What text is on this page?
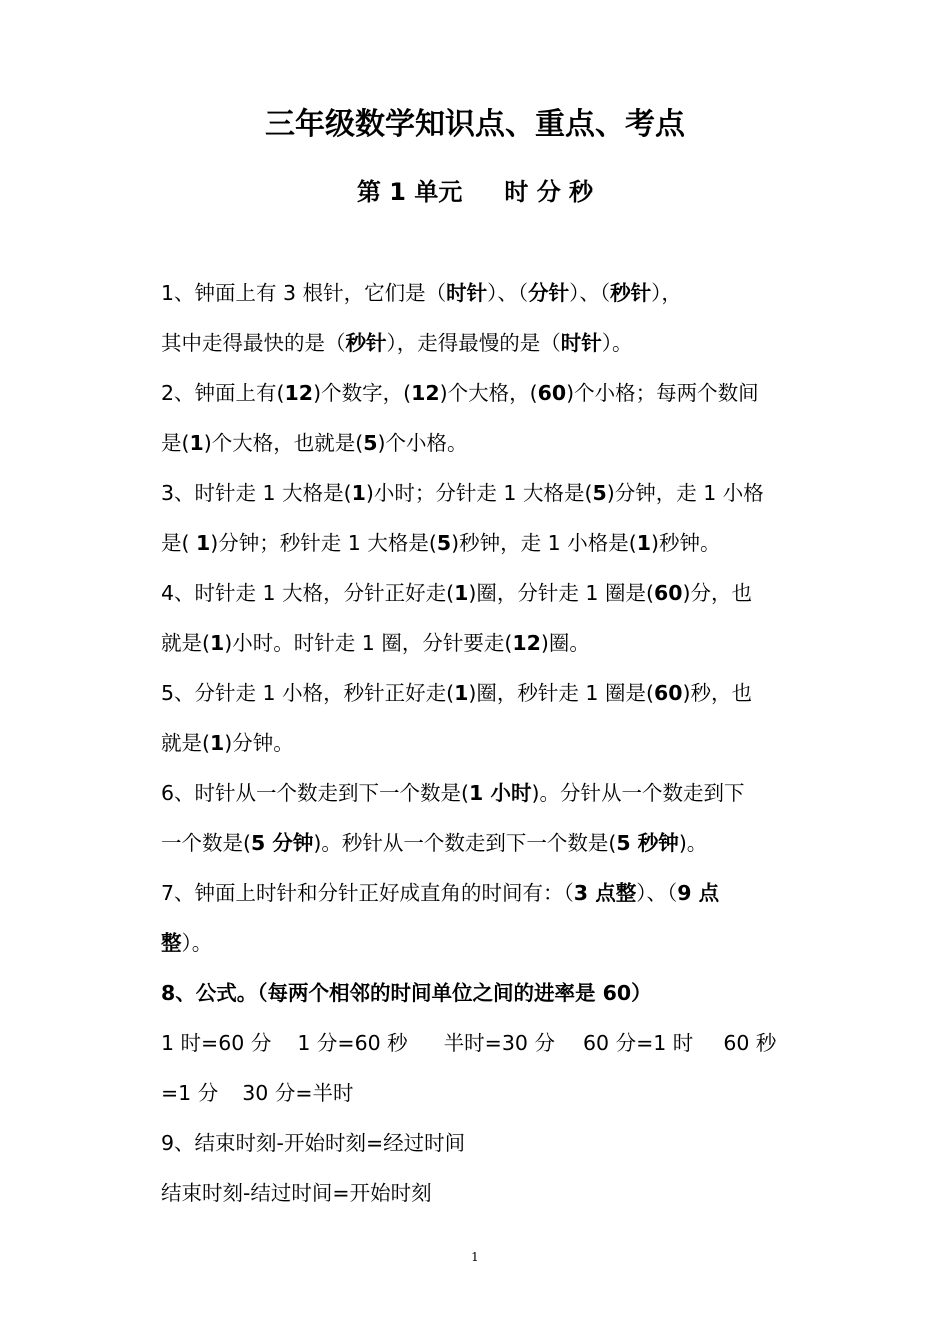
三年级数学知识点、重点、考点
第 1 单元 时 分 秒
1、钟面上有 3 根针，它们是（时针）、（分针）、（秒针），
其中走得最快的是（秒针），走得最慢的是（时针）。
2、钟面上有(12)个数字，(12)个大格，(60)个小格；每两个数间
是(1)个大格，也就是(5)个小格。
3、时针走 1 大格是(1)小时；分针走 1 大格是(5)分钟，走 1 小格
是( 1)分钟；秒针走 1 大格是(5)秒钟，走 1 小格是(1)秒钟。
4、时针走 1 大格，分针正好走(1)圈，分针走 1 圈是(60)分，也
就是(1)小时。时针走 1 圈，分针要走(12)圈。
5、分针走 1 小格，秒针正好走(1)圈，秒针走 1 圈是(60)秒，也
就是(1)分钟。
6、时针从一个数走到下一个数是(1 小时)。分针从一个数走到下
一个数是(5 分钟)。秒针从一个数走到下一个数是(5 秒钟)。
7、钟面上时针和分针正好成直角的时间有：（3 点整）、（9 点
整）。
8、公式。（每两个相邻的时间单位之间的进率是 60）
1 时=60 分 1 分=60 秒 半时=30 分 60 分=1 时 60 秒
=1 分 30 分=半时
9、结束时刻-开始时刻=经过时间
结束时刻-结过时间=开始时刻
1
